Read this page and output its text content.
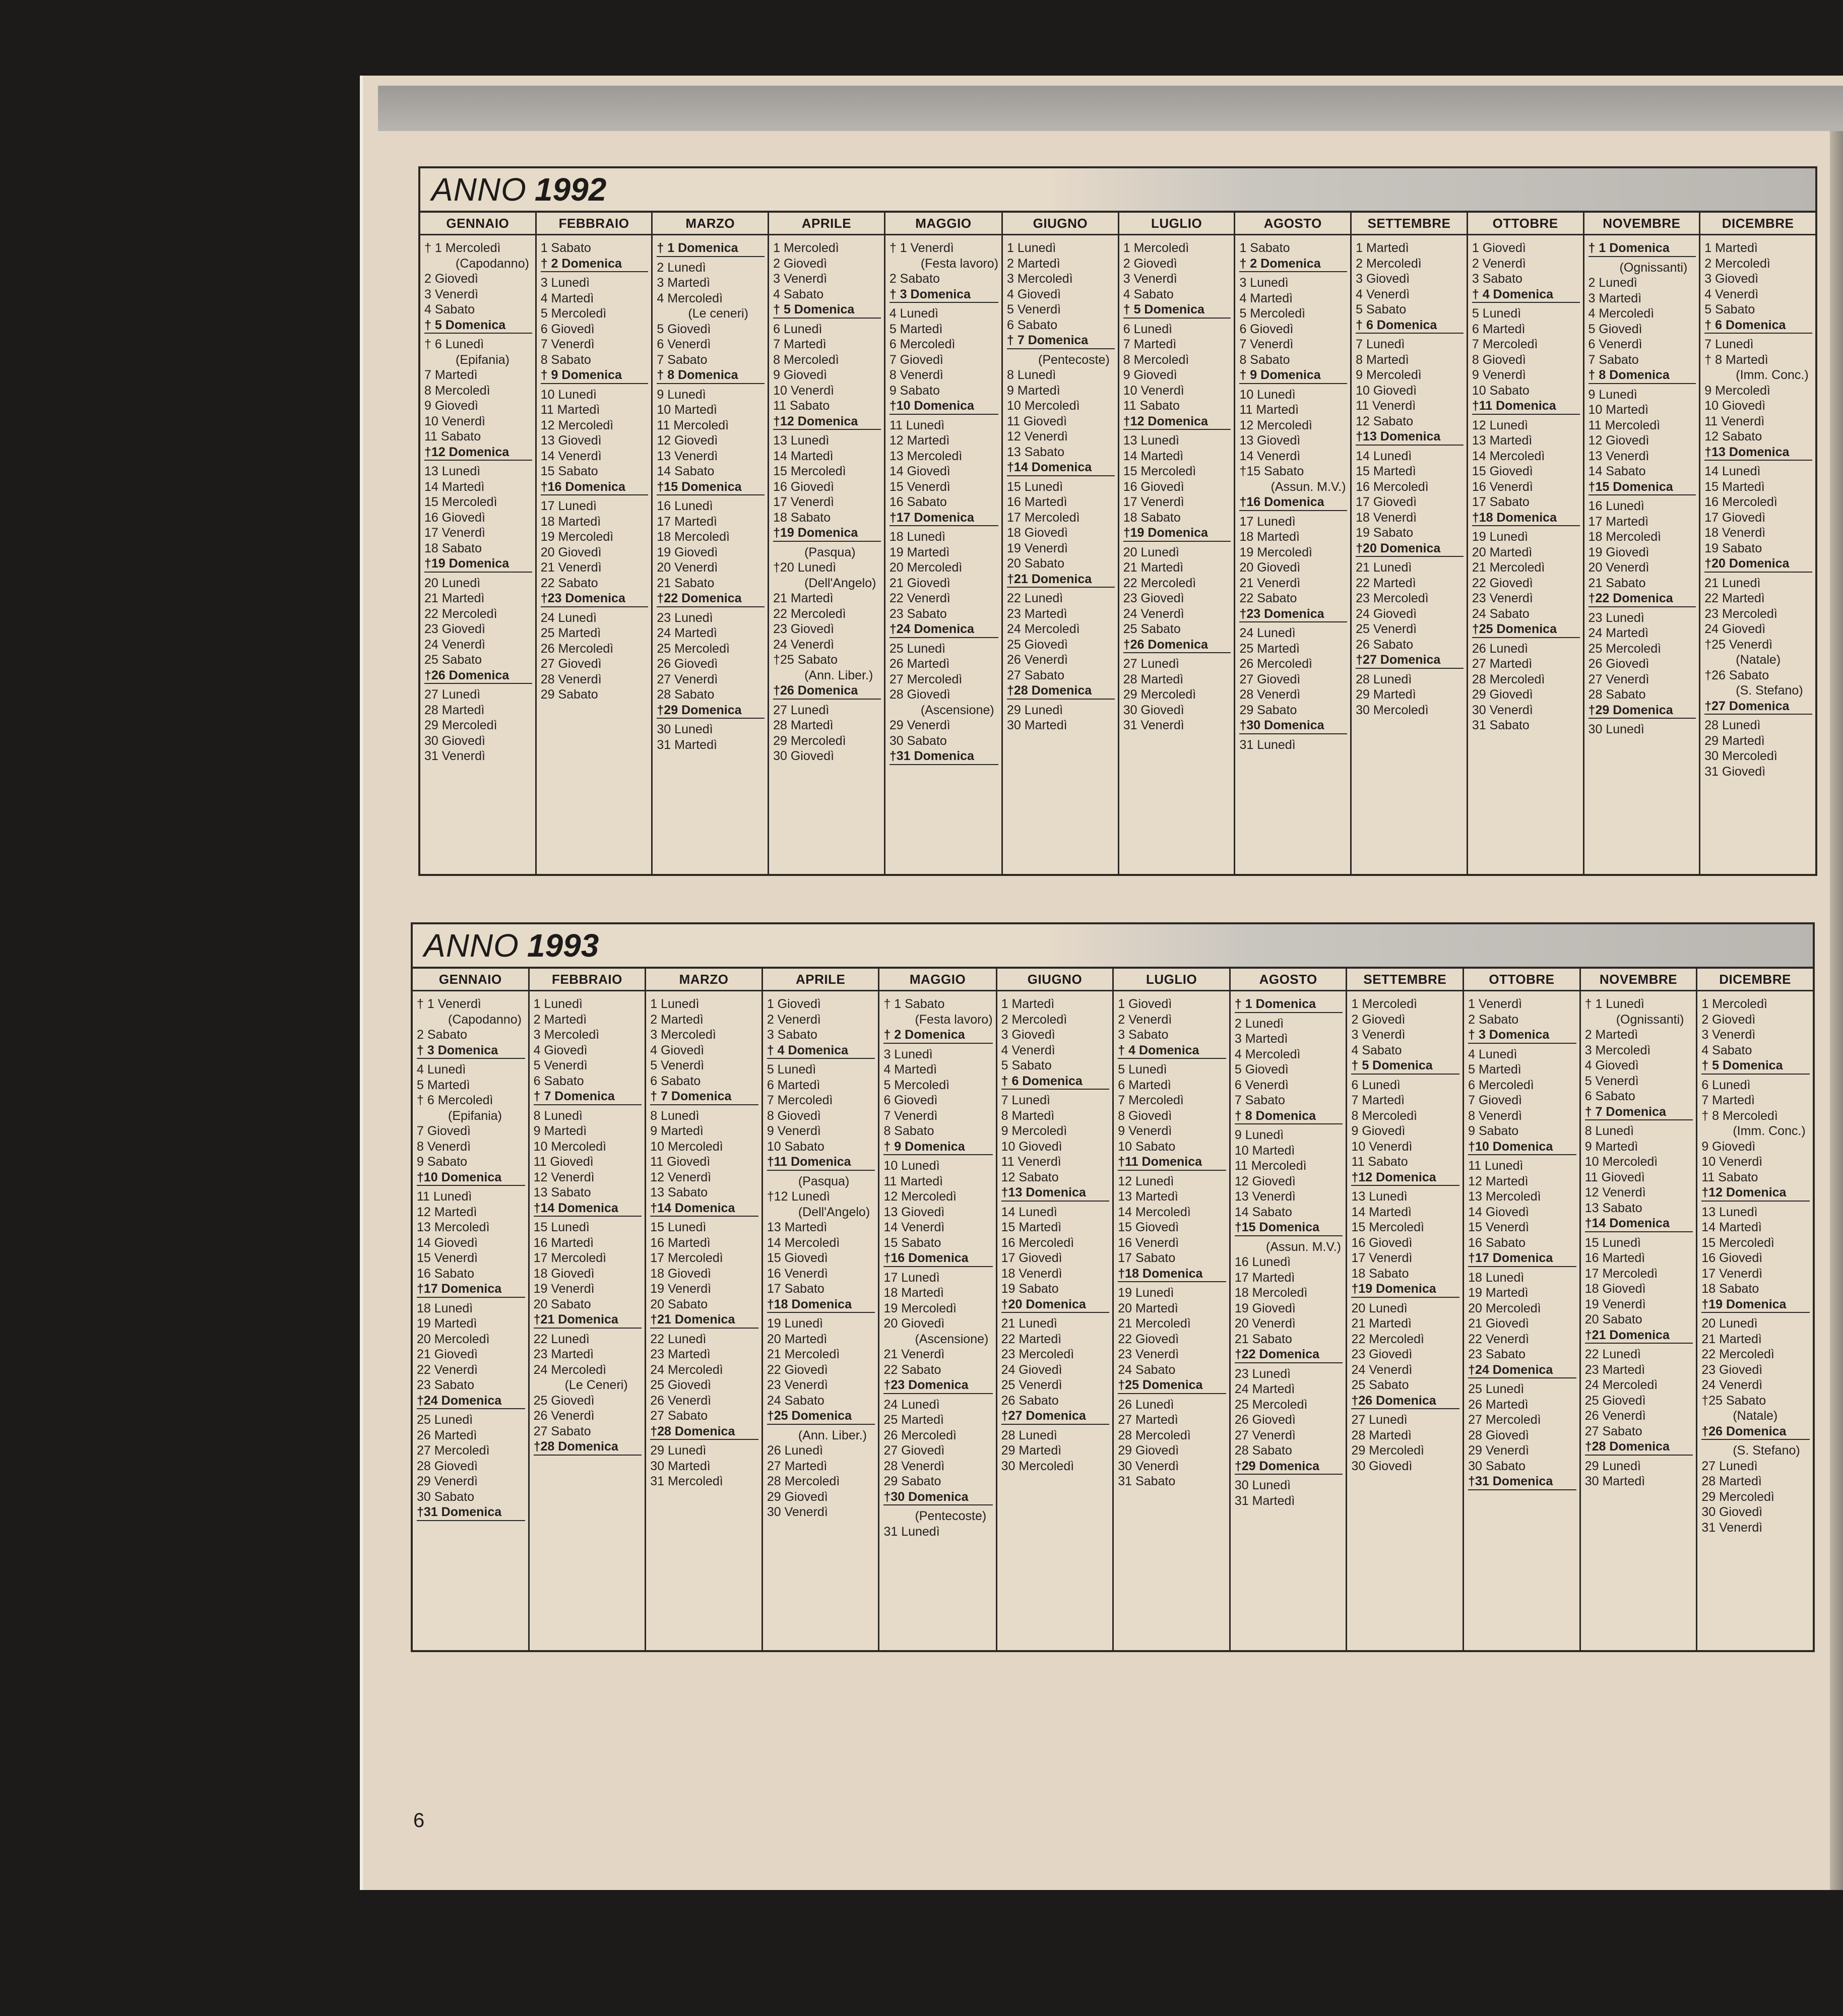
ANNO 1992
GENNAIO
† 1 Mercoledì
(Capodanno)
2 Giovedì
3 Venerdì
4 Sabato
† 5 Domenica
† 6 Lunedì
(Epifania)
7 Martedì
8 Mercoledì
9 Giovedì
10 Venerdì
11 Sabato
†12 Domenica
13 Lunedì
14 Martedì
15 Mercoledì
16 Giovedì
17 Venerdì
18 Sabato
†19 Domenica
20 Lunedì
21 Martedì
22 Mercoledì
23 Giovedì
24 Venerdì
25 Sabato
†26 Domenica
27 Lunedì
28 Martedì
29 Mercoledì
30 Giovedì
31 Venerdì
FEBBRAIO
1 Sabato
† 2 Domenica
3 Lunedì
4 Martedì
5 Mercoledì
6 Giovedì
7 Venerdì
8 Sabato
† 9 Domenica
10 Lunedì
11 Martedì
12 Mercoledì
13 Giovedì
14 Venerdì
15 Sabato
†16 Domenica
17 Lunedì
18 Martedì
19 Mercoledì
20 Giovedì
21 Venerdì
22 Sabato
†23 Domenica
24 Lunedì
25 Martedì
26 Mercoledì
27 Giovedì
28 Venerdì
29 Sabato
MARZO
† 1 Domenica
2 Lunedì
3 Martedì
4 Mercoledì
(Le ceneri)
5 Giovedì
6 Venerdì
7 Sabato
† 8 Domenica
9 Lunedì
10 Martedì
11 Mercoledì
12 Giovedì
13 Venerdì
14 Sabato
†15 Domenica
16 Lunedì
17 Martedì
18 Mercoledì
19 Giovedì
20 Venerdì
21 Sabato
†22 Domenica
23 Lunedì
24 Martedì
25 Mercoledì
26 Giovedì
27 Venerdì
28 Sabato
†29 Domenica
30 Lunedì
31 Martedì
APRILE
1 Mercoledì
2 Giovedì
3 Venerdì
4 Sabato
† 5 Domenica
6 Lunedì
7 Martedì
8 Mercoledì
9 Giovedì
10 Venerdì
11 Sabato
†12 Domenica
13 Lunedì
14 Martedì
15 Mercoledì
16 Giovedì
17 Venerdì
18 Sabato
†19 Domenica
(Pasqua)
†20 Lunedì
(Dell'Angelo)
21 Martedì
22 Mercoledì
23 Giovedì
24 Venerdì
†25 Sabato
(Ann. Liber.)
†26 Domenica
27 Lunedì
28 Martedì
29 Mercoledì
30 Giovedì
MAGGIO
† 1 Venerdì
(Festa lavoro)
2 Sabato
† 3 Domenica
4 Lunedì
5 Martedì
6 Mercoledì
7 Giovedì
8 Venerdì
9 Sabato
†10 Domenica
11 Lunedì
12 Martedì
13 Mercoledì
14 Giovedì
15 Venerdì
16 Sabato
†17 Domenica
18 Lunedì
19 Martedì
20 Mercoledì
21 Giovedì
22 Venerdì
23 Sabato
†24 Domenica
25 Lunedì
26 Martedì
27 Mercoledì
28 Giovedì
(Ascensione)
29 Venerdì
30 Sabato
†31 Domenica
GIUGNO
1 Lunedì
2 Martedì
3 Mercoledì
4 Giovedì
5 Venerdì
6 Sabato
† 7 Domenica
(Pentecoste)
8 Lunedì
9 Martedì
10 Mercoledì
11 Giovedì
12 Venerdì
13 Sabato
†14 Domenica
15 Lunedì
16 Martedì
17 Mercoledì
18 Giovedì
19 Venerdì
20 Sabato
†21 Domenica
22 Lunedì
23 Martedì
24 Mercoledì
25 Giovedì
26 Venerdì
27 Sabato
†28 Domenica
29 Lunedì
30 Martedì
LUGLIO
1 Mercoledì
2 Giovedì
3 Venerdì
4 Sabato
† 5 Domenica
6 Lunedì
7 Martedì
8 Mercoledì
9 Giovedì
10 Venerdì
11 Sabato
†12 Domenica
13 Lunedì
14 Martedì
15 Mercoledì
16 Giovedì
17 Venerdì
18 Sabato
†19 Domenica
20 Lunedì
21 Martedì
22 Mercoledì
23 Giovedì
24 Venerdì
25 Sabato
†26 Domenica
27 Lunedì
28 Martedì
29 Mercoledì
30 Giovedì
31 Venerdì
AGOSTO
1 Sabato
† 2 Domenica
3 Lunedì
4 Martedì
5 Mercoledì
6 Giovedì
7 Venerdì
8 Sabato
† 9 Domenica
10 Lunedì
11 Martedì
12 Mercoledì
13 Giovedì
14 Venerdì
†15 Sabato
(Assun. M.V.)
†16 Domenica
17 Lunedì
18 Martedì
19 Mercoledì
20 Giovedì
21 Venerdì
22 Sabato
†23 Domenica
24 Lunedì
25 Martedì
26 Mercoledì
27 Giovedì
28 Venerdì
29 Sabato
†30 Domenica
31 Lunedì
SETTEMBRE
1 Martedì
2 Mercoledì
3 Giovedì
4 Venerdì
5 Sabato
† 6 Domenica
7 Lunedì
8 Martedì
9 Mercoledì
10 Giovedì
11 Venerdì
12 Sabato
†13 Domenica
14 Lunedì
15 Martedì
16 Mercoledì
17 Giovedì
18 Venerdì
19 Sabato
†20 Domenica
21 Lunedì
22 Martedì
23 Mercoledì
24 Giovedì
25 Venerdì
26 Sabato
†27 Domenica
28 Lunedì
29 Martedì
30 Mercoledì
OTTOBRE
1 Giovedì
2 Venerdì
3 Sabato
† 4 Domenica
5 Lunedì
6 Martedì
7 Mercoledì
8 Giovedì
9 Venerdì
10 Sabato
†11 Domenica
12 Lunedì
13 Martedì
14 Mercoledì
15 Giovedì
16 Venerdì
17 Sabato
†18 Domenica
19 Lunedì
20 Martedì
21 Mercoledì
22 Giovedì
23 Venerdì
24 Sabato
†25 Domenica
26 Lunedì
27 Martedì
28 Mercoledì
29 Giovedì
30 Venerdì
31 Sabato
NOVEMBRE
† 1 Domenica
(Ognissanti)
2 Lunedì
3 Martedì
4 Mercoledì
5 Giovedì
6 Venerdì
7 Sabato
† 8 Domenica
9 Lunedì
10 Martedì
11 Mercoledì
12 Giovedì
13 Venerdì
14 Sabato
†15 Domenica
16 Lunedì
17 Martedì
18 Mercoledì
19 Giovedì
20 Venerdì
21 Sabato
†22 Domenica
23 Lunedì
24 Martedì
25 Mercoledì
26 Giovedì
27 Venerdì
28 Sabato
†29 Domenica
30 Lunedì
DICEMBRE
1 Martedì
2 Mercoledì
3 Giovedì
4 Venerdì
5 Sabato
† 6 Domenica
7 Lunedì
† 8 Martedì
(Imm. Conc.)
9 Mercoledì
10 Giovedì
11 Venerdì
12 Sabato
†13 Domenica
14 Lunedì
15 Martedì
16 Mercoledì
17 Giovedì
18 Venerdì
19 Sabato
†20 Domenica
21 Lunedì
22 Martedì
23 Mercoledì
24 Giovedì
†25 Venerdì
(Natale)
†26 Sabato
(S. Stefano)
†27 Domenica
28 Lunedì
29 Martedì
30 Mercoledì
31 Giovedì
ANNO 1993
GENNAIO
† 1 Venerdì
(Capodanno)
2 Sabato
† 3 Domenica
4 Lunedì
5 Martedì
† 6 Mercoledì
(Epifania)
7 Giovedì
8 Venerdì
9 Sabato
†10 Domenica
11 Lunedì
12 Martedì
13 Mercoledì
14 Giovedì
15 Venerdì
16 Sabato
†17 Domenica
18 Lunedì
19 Martedì
20 Mercoledì
21 Giovedì
22 Venerdì
23 Sabato
†24 Domenica
25 Lunedì
26 Martedì
27 Mercoledì
28 Giovedì
29 Venerdì
30 Sabato
†31 Domenica
FEBBRAIO
1 Lunedì
2 Martedì
3 Mercoledì
4 Giovedì
5 Venerdì
6 Sabato
† 7 Domenica
8 Lunedì
9 Martedì
10 Mercoledì
11 Giovedì
12 Venerdì
13 Sabato
†14 Domenica
15 Lunedì
16 Martedì
17 Mercoledì
18 Giovedì
19 Venerdì
20 Sabato
†21 Domenica
22 Lunedì
23 Martedì
24 Mercoledì
(Le Ceneri)
25 Giovedì
26 Venerdì
27 Sabato
†28 Domenica
MARZO
1 Lunedì
2 Martedì
3 Mercoledì
4 Giovedì
5 Venerdì
6 Sabato
† 7 Domenica
8 Lunedì
9 Martedì
10 Mercoledì
11 Giovedì
12 Venerdì
13 Sabato
†14 Domenica
15 Lunedì
16 Martedì
17 Mercoledì
18 Giovedì
19 Venerdì
20 Sabato
†21 Domenica
22 Lunedì
23 Martedì
24 Mercoledì
25 Giovedì
26 Venerdì
27 Sabato
†28 Domenica
29 Lunedì
30 Martedì
31 Mercoledì
APRILE
1 Giovedì
2 Venerdì
3 Sabato
† 4 Domenica
5 Lunedì
6 Martedì
7 Mercoledì
8 Giovedì
9 Venerdì
10 Sabato
†11 Domenica
(Pasqua)
†12 Lunedì
(Dell'Angelo)
13 Martedì
14 Mercoledì
15 Giovedì
16 Venerdì
17 Sabato
†18 Domenica
19 Lunedì
20 Martedì
21 Mercoledì
22 Giovedì
23 Venerdì
24 Sabato
†25 Domenica
(Ann. Liber.)
26 Lunedì
27 Martedì
28 Mercoledì
29 Giovedì
30 Venerdì
MAGGIO
† 1 Sabato
(Festa lavoro)
† 2 Domenica
3 Lunedì
4 Martedì
5 Mercoledì
6 Giovedì
7 Venerdì
8 Sabato
† 9 Domenica
10 Lunedì
11 Martedì
12 Mercoledì
13 Giovedì
14 Venerdì
15 Sabato
†16 Domenica
17 Lunedì
18 Martedì
19 Mercoledì
20 Giovedì
(Ascensione)
21 Venerdì
22 Sabato
†23 Domenica
24 Lunedì
25 Martedì
26 Mercoledì
27 Giovedì
28 Venerdì
29 Sabato
†30 Domenica
(Pentecoste)
31 Lunedì
GIUGNO
1 Martedì
2 Mercoledì
3 Giovedì
4 Venerdì
5 Sabato
† 6 Domenica
7 Lunedì
8 Martedì
9 Mercoledì
10 Giovedì
11 Venerdì
12 Sabato
†13 Domenica
14 Lunedì
15 Martedì
16 Mercoledì
17 Giovedì
18 Venerdì
19 Sabato
†20 Domenica
21 Lunedì
22 Martedì
23 Mercoledì
24 Giovedì
25 Venerdì
26 Sabato
†27 Domenica
28 Lunedì
29 Martedì
30 Mercoledì
LUGLIO
1 Giovedì
2 Venerdì
3 Sabato
† 4 Domenica
5 Lunedì
6 Martedì
7 Mercoledì
8 Giovedì
9 Venerdì
10 Sabato
†11 Domenica
12 Lunedì
13 Martedì
14 Mercoledì
15 Giovedì
16 Venerdì
17 Sabato
†18 Domenica
19 Lunedì
20 Martedì
21 Mercoledì
22 Giovedì
23 Venerdì
24 Sabato
†25 Domenica
26 Lunedì
27 Martedì
28 Mercoledì
29 Giovedì
30 Venerdì
31 Sabato
AGOSTO
† 1 Domenica
2 Lunedì
3 Martedì
4 Mercoledì
5 Giovedì
6 Venerdì
7 Sabato
† 8 Domenica
9 Lunedì
10 Martedì
11 Mercoledì
12 Giovedì
13 Venerdì
14 Sabato
†15 Domenica
(Assun. M.V.)
16 Lunedì
17 Martedì
18 Mercoledì
19 Giovedì
20 Venerdì
21 Sabato
†22 Domenica
23 Lunedì
24 Martedì
25 Mercoledì
26 Giovedì
27 Venerdì
28 Sabato
†29 Domenica
30 Lunedì
31 Martedì
SETTEMBRE
1 Mercoledì
2 Giovedì
3 Venerdì
4 Sabato
† 5 Domenica
6 Lunedì
7 Martedì
8 Mercoledì
9 Giovedì
10 Venerdì
11 Sabato
†12 Domenica
13 Lunedì
14 Martedì
15 Mercoledì
16 Giovedì
17 Venerdì
18 Sabato
†19 Domenica
20 Lunedì
21 Martedì
22 Mercoledì
23 Giovedì
24 Venerdì
25 Sabato
†26 Domenica
27 Lunedì
28 Martedì
29 Mercoledì
30 Giovedì
OTTOBRE
1 Venerdì
2 Sabato
† 3 Domenica
4 Lunedì
5 Martedì
6 Mercoledì
7 Giovedì
8 Venerdì
9 Sabato
†10 Domenica
11 Lunedì
12 Martedì
13 Mercoledì
14 Giovedì
15 Venerdì
16 Sabato
†17 Domenica
18 Lunedì
19 Martedì
20 Mercoledì
21 Giovedì
22 Venerdì
23 Sabato
†24 Domenica
25 Lunedì
26 Martedì
27 Mercoledì
28 Giovedì
29 Venerdì
30 Sabato
†31 Domenica
NOVEMBRE
† 1 Lunedì
(Ognissanti)
2 Martedì
3 Mercoledì
4 Giovedì
5 Venerdì
6 Sabato
† 7 Domenica
8 Lunedì
9 Martedì
10 Mercoledì
11 Giovedì
12 Venerdì
13 Sabato
†14 Domenica
15 Lunedì
16 Martedì
17 Mercoledì
18 Giovedì
19 Venerdì
20 Sabato
†21 Domenica
22 Lunedì
23 Martedì
24 Mercoledì
25 Giovedì
26 Venerdì
27 Sabato
†28 Domenica
29 Lunedì
30 Martedì
DICEMBRE
1 Mercoledì
2 Giovedì
3 Venerdì
4 Sabato
† 5 Domenica
6 Lunedì
7 Martedì
† 8 Mercoledì
(Imm. Conc.)
9 Giovedì
10 Venerdì
11 Sabato
†12 Domenica
13 Lunedì
14 Martedì
15 Mercoledì
16 Giovedì
17 Venerdì
18 Sabato
†19 Domenica
20 Lunedì
21 Martedì
22 Mercoledì
23 Giovedì
24 Venerdì
†25 Sabato
(Natale)
†26 Domenica
(S. Stefano)
27 Lunedì
28 Martedì
29 Mercoledì
30 Giovedì
31 Venerdì
6
